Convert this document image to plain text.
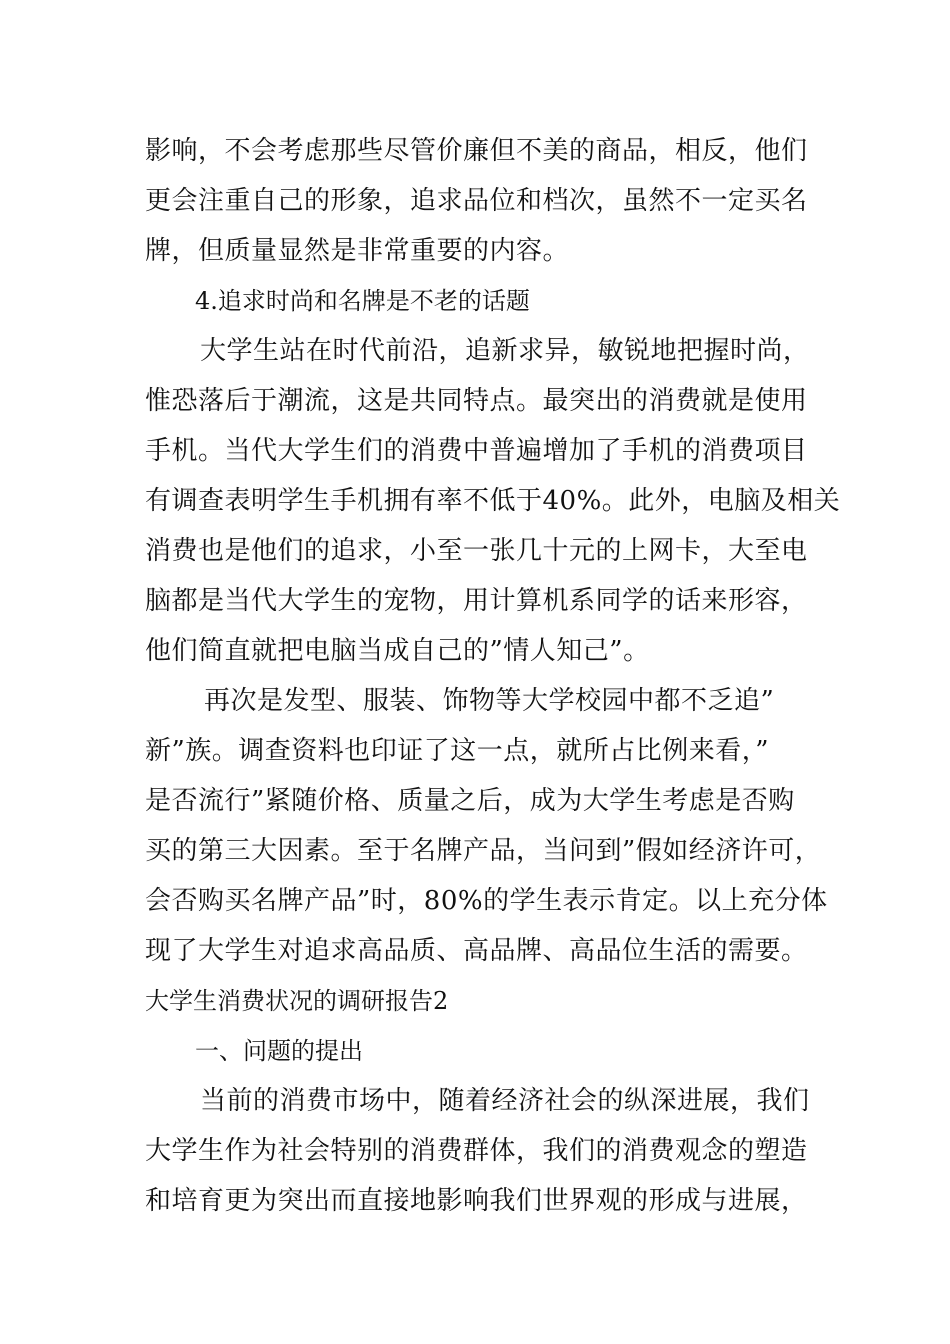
影响，不会考虑那些尽管价廉但不美的商品，相反，他们
更会注重自己的形象，追求品位和档次，虽然不一定买名
牌，但质量显然是非常重要的内容。
4.追求时尚和名牌是不老的话题
大学生站在时代前沿，追新求异，敏锐地把握时尚，
惟恐落后于潮流，这是共同特点。最突出的消费就是使用
手机。当代大学生们的消费中普遍增加了手机的消费项目
有调查表明学生手机拥有率不低于40%。此外，电脑及相关
消费也是他们的追求，小至一张几十元的上网卡，大至电
脑都是当代大学生的宠物，用计算机系同学的话来形容，
他们简直就把电脑当成自己的”情人知己”。
再次是发型、服装、饰物等大学校园中都不乏追”
新”族。调查资料也印证了这一点，就所占比例来看，”
是否流行”紧随价格、质量之后，成为大学生考虑是否购
买的第三大因素。至于名牌产品，当问到”假如经济许可，
会否购买名牌产品”时，80%的学生表示肯定。以上充分体
现了大学生对追求高品质、高品牌、高品位生活的需要。
大学生消费状况的调研报告2
一、问题的提出
当前的消费市场中，随着经济社会的纵深进展，我们
大学生作为社会特别的消费群体，我们的消费观念的塑造
和培育更为突出而直接地影响我们世界观的形成与进展，
